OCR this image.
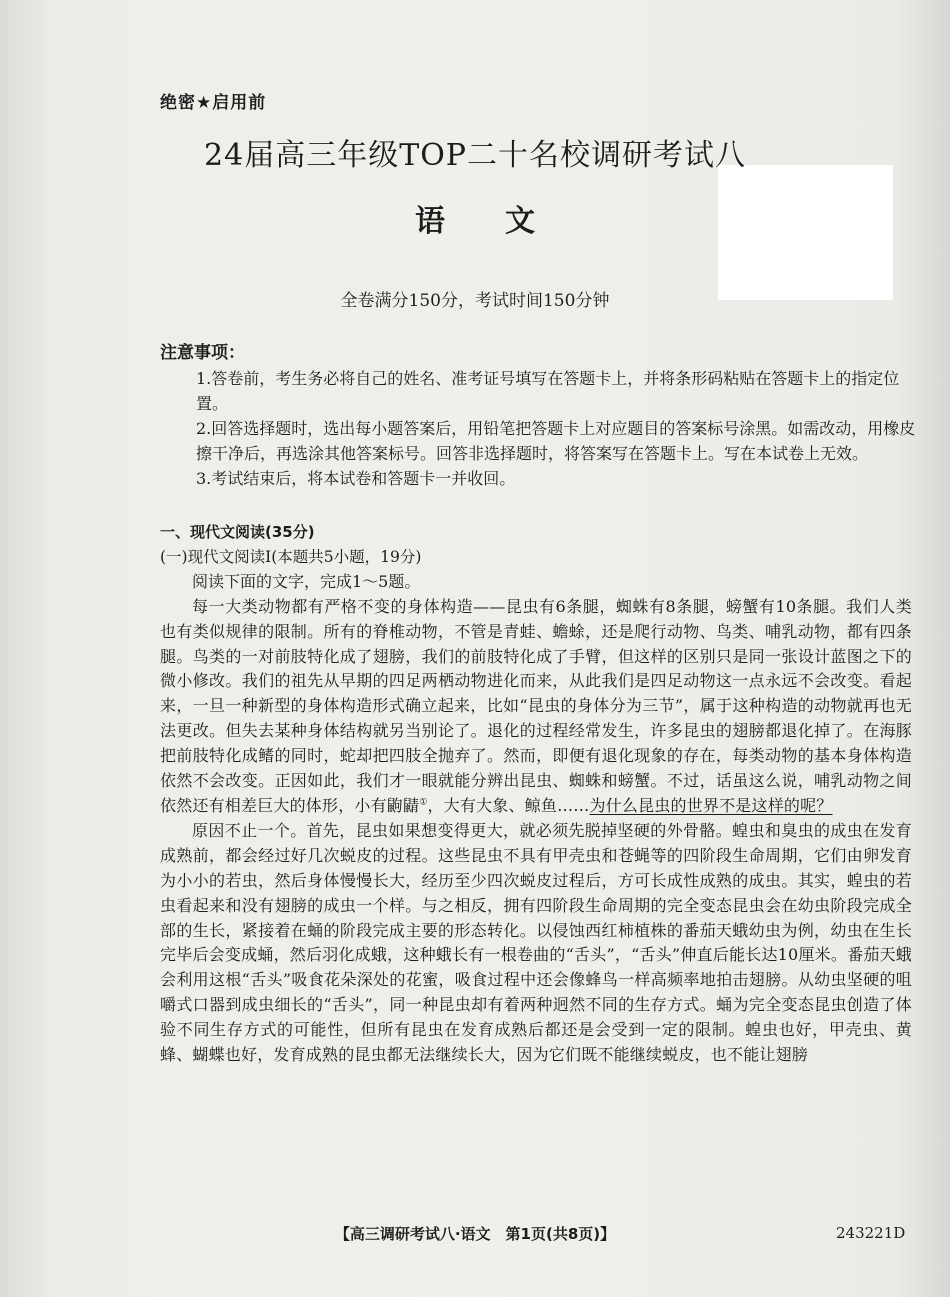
绝密★启用前
24届高三年级TOP二十名校调研考试八
语文
全卷满分150分，考试时间150分钟
注意事项：
1.答卷前，考生务必将自己的姓名、准考证号填写在答题卡上，并将条形码粘贴在答题卡上的指定位置。
2.回答选择题时，选出每小题答案后，用铅笔把答题卡上对应题目的答案标号涂黑。如需改动，用橡皮擦干净后，再选涂其他答案标号。回答非选择题时，将答案写在答题卡上。写在本试卷上无效。
3.考试结束后，将本试卷和答题卡一并收回。
一、现代文阅读(35分)
(一)现代文阅读Ⅰ(本题共5小题，19分)
阅读下面的文字，完成1～5题。

每一大类动物都有严格不变的身体构造——昆虫有6条腿，蜘蛛有8条腿，螃蟹有10条腿。我们人类也有类似规律的限制。所有的脊椎动物，不管是青蛙、蟾蜍，还是爬行动物、鸟类、哺乳动物，都有四条腿。鸟类的一对前肢特化成了翅膀，我们的前肢特化成了手臂，但这样的区别只是同一张设计蓝图之下的微小修改。我们的祖先从早期的四足两栖动物进化而来，从此我们是四足动物这一点永远不会改变。看起来，一旦一种新型的身体构造形式确立起来，比如“昆虫的身体分为三节”，属于这种构造的动物就再也无法更改。但失去某种身体结构就另当别论了。退化的过程经常发生，许多昆虫的翅膀都退化掉了。在海豚把前肢特化成鳍的同时，蛇却把四肢全抛弃了。然而，即便有退化现象的存在，每类动物的基本身体构造依然不会改变。正因如此，我们才一眼就能分辨出昆虫、蜘蛛和螃蟹。不过，话虽这么说，哺乳动物之间依然还有相差巨大的体形，小有鼩鼱①，大有大象、鲸鱼……为什么昆虫的世界不是这样的呢？

原因不止一个。首先，昆虫如果想变得更大，就必须先脱掉坚硬的外骨骼。蝗虫和臭虫的成虫在发育成熟前，都会经过好几次蜕皮的过程。这些昆虫不具有甲壳虫和苍蝇等的四阶段生命周期，它们由卵发育为小小的若虫，然后身体慢慢长大，经历至少四次蜕皮过程后，方可长成性成熟的成虫。其实，蝗虫的若虫看起来和没有翅膀的成虫一个样。与之相反，拥有四阶段生命周期的完全变态昆虫会在幼虫阶段完成全部的生长，紧接着在蛹的阶段完成主要的形态转化。以侵蚀西红柿植株的番茄天蛾幼虫为例，幼虫在生长完毕后会变成蛹，然后羽化成蛾，这种蛾长有一根卷曲的“舌头”，“舌头”伸直后能长达10厘米。番茄天蛾会利用这根“舌头”吸食花朵深处的花蜜，吸食过程中还会像蜂鸟一样高频率地拍击翅膀。从幼虫坚硬的咀嚼式口器到成虫细长的“舌头”，同一种昆虫却有着两种迥然不同的生存方式。蛹为完全变态昆虫创造了体验不同生存方式的可能性，但所有昆虫在发育成熟后都还是会受到一定的限制。蝗虫也好，甲壳虫、黄蜂、蝴蝶也好，发育成熟的昆虫都无法继续长大，因为它们既不能继续蜕皮，也不能让翅膀

【高三调研考试八·语文　第1页(共8页)】	243221D
